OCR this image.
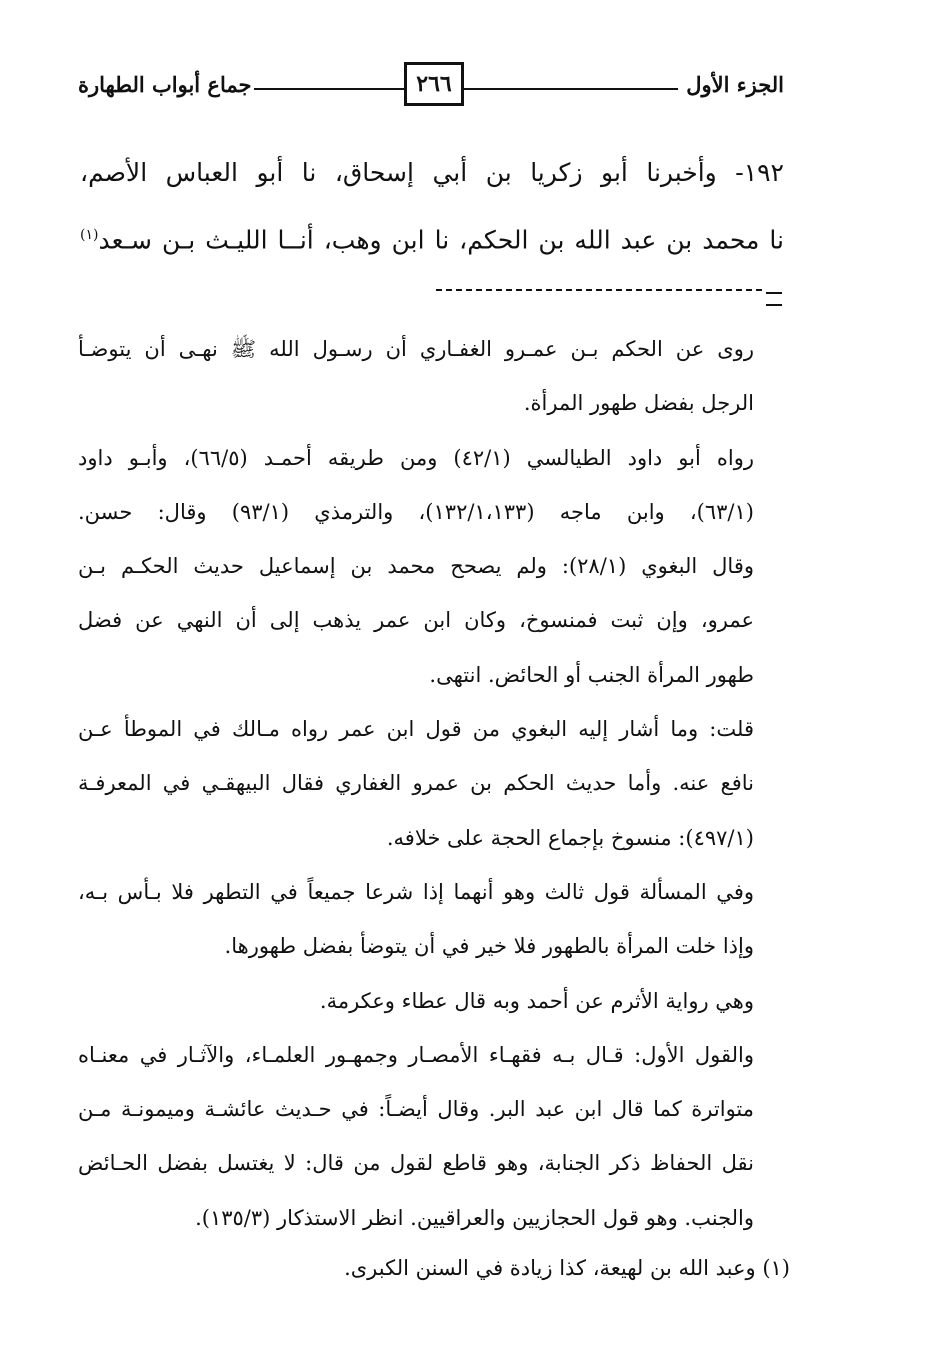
الجزء الأول
٢٦٦
جماع أبواب الطهارة
١٩٢- وأخبرنا أبو زكريا بن أبي إسحاق، نا أبو العباس الأصم،
نا محمد بن عبد الله بن الحكم، نا ابن وهب، أنــا الليـث بـن سـعد$^{(١)}$
روى عن الحكم بـن عمـرو الغفـاري أن رسـول الله ﷺ نهـى أن يتوضـأ
الرجل بفضل طهور المرأة.
رواه أبو داود الطيالسي (٤٢/١) ومن طريقه أحمـد (٦٦/٥)، وأبـو داود
(٦٣/١)، وابن ماجه (١٣٢/١،١٣٣)، والترمذي (٩٣/١) وقال: حسن.
وقال البغوي (٢٨/١): ولم يصحح محمد بن إسماعيل حديث الحكـم بـن
عمرو، وإن ثبت فمنسوخ، وكان ابن عمر يذهب إلى أن النهي عن فضل
طهور المرأة الجنب أو الحائض. انتهى.
قلت: وما أشار إليه البغوي من قول ابن عمر رواه مـالك في الموطأ عـن
نافع عنه. وأما حديث الحكم بن عمرو الغفاري فقال البيهقـي في المعرفـة
(٤٩٧/١): منسوخ بإجماع الحجة على خلافه.
وفي المسألة قول ثالث وهو أنهما إذا شرعا جميعاً في التطهر فلا بـأس بـه،
وإذا خلت المرأة بالطهور فلا خير في أن يتوضأ بفضل طهورها.
وهي رواية الأثرم عن أحمد وبه قال عطاء وعكرمة.
والقول الأول: قـال بـه فقهـاء الأمصـار وجمهـور العلمـاء، والآثـار في معنـاه
متواترة كما قال ابن عبد البر. وقال أيضـاً: في حـديث عائشـة وميمونـة مـن
نقل الحفاظ ذكر الجنابة، وهو قاطع لقول من قال: لا يغتسل بفضل الحـائض
والجنب. وهو قول الحجازيين والعراقيين. انظر الاستذكار (١٣٥/٣).
(١) وعبد الله بن لهيعة، كذا زيادة في السنن الكبرى.
